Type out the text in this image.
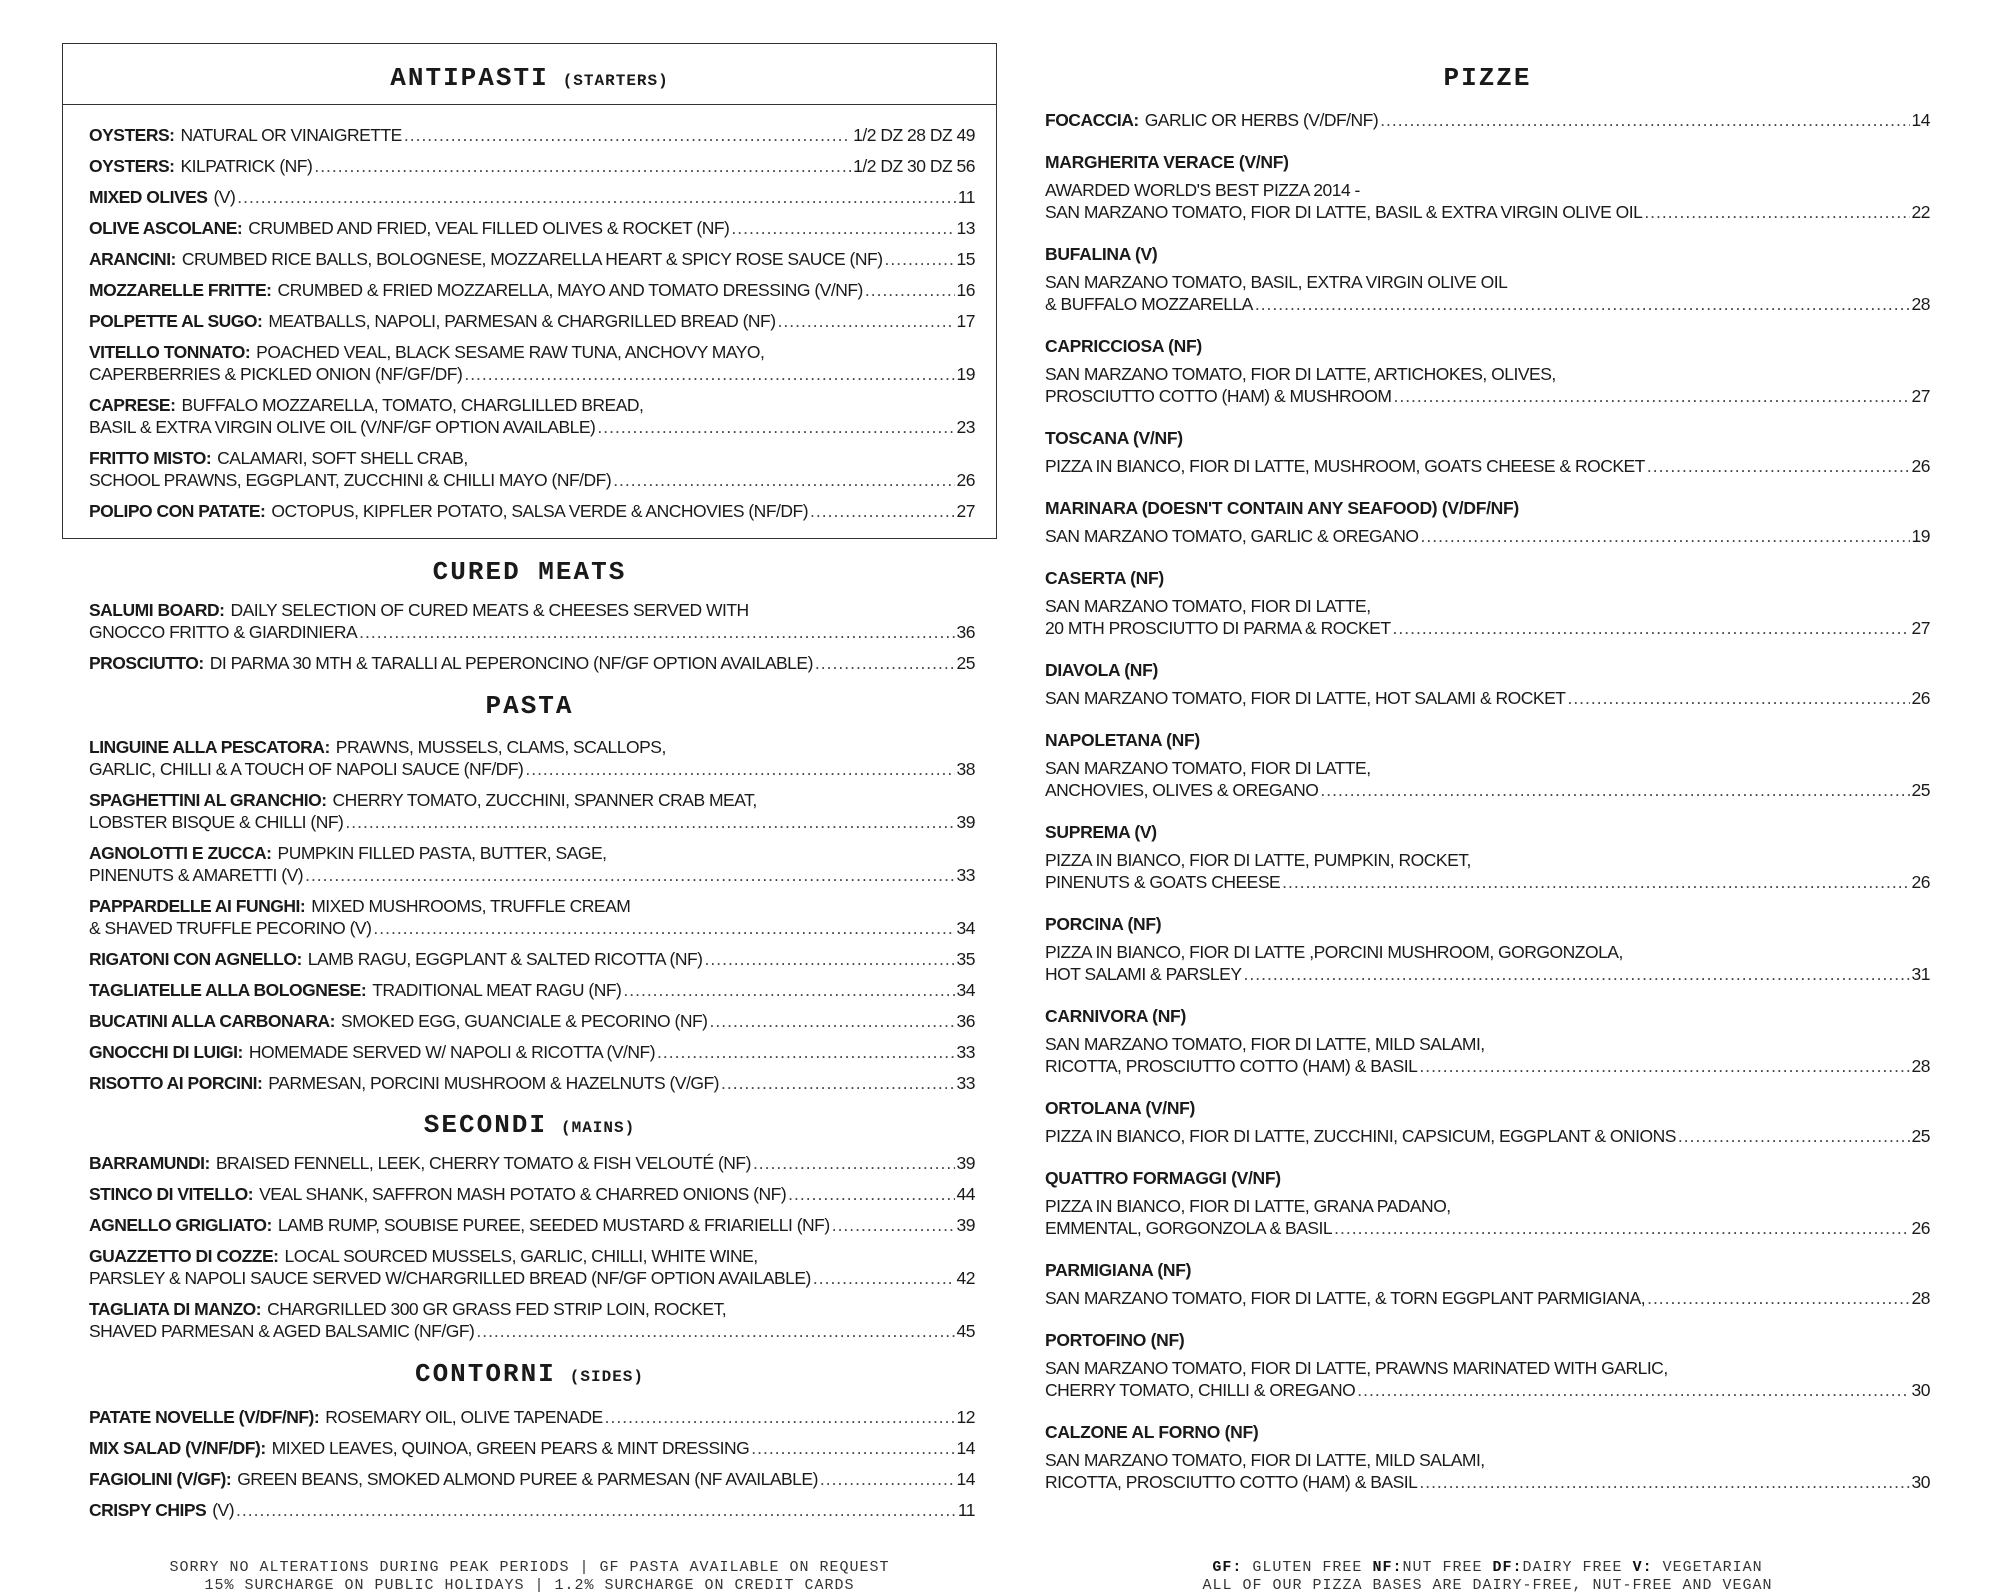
ANTIPASTI (STARTERS)
OYSTERS: NATURAL OR VINAIGRETTE .....	1/2 DZ 28 DZ 49
OYSTERS: KILPATRICK (NF) .....	1/2 DZ 30 DZ 56
MIXED OLIVES (V) .....	11
OLIVE ASCOLANE: CRUMBED AND FRIED, VEAL FILLED OLIVES & ROCKET (NF) .....	13
ARANCINI: CRUMBED RICE BALLS, BOLOGNESE, MOZZARELLA HEART & SPICY ROSE SAUCE (NF) .....	15
MOZZARELLE FRITTE: CRUMBED & FRIED MOZZARELLA, MAYO AND TOMATO DRESSING (V/NF) .....	16
POLPETTE AL SUGO: MEATBALLS, NAPOLI, PARMESAN & CHARGRILLED BREAD (NF) .....	17
VITELLO TONNATO: POACHED VEAL, BLACK SESAME RAW TUNA, ANCHOVY MAYO,
CAPERBERRIES & PICKLED ONION (NF/GF/DF) .....	19
CAPRESE: BUFFALO MOZZARELLA, TOMATO, CHARGLILLED BREAD,
BASIL & EXTRA VIRGIN OLIVE OIL (V/NF/GF OPTION AVAILABLE) .....	23
FRITTO MISTO: CALAMARI, SOFT SHELL CRAB,
SCHOOL PRAWNS, EGGPLANT, ZUCCHINI & CHILLI MAYO (NF/DF) .....	26
POLIPO CON PATATE: OCTOPUS, KIPFLER POTATO, SALSA VERDE & ANCHOVIES (NF/DF) .....	27
CURED MEATS
SALUMI BOARD: DAILY SELECTION OF CURED MEATS & CHEESES SERVED WITH
GNOCCO FRITTO & GIARDINIERA .....	36
PROSCIUTTO: DI PARMA 30 MTH & TARALLI AL PEPERONCINO (NF/GF OPTION AVAILABLE) .....	25
PASTA
LINGUINE ALLA PESCATORA: PRAWNS, MUSSELS, CLAMS, SCALLOPS,
GARLIC, CHILLI & A TOUCH OF NAPOLI SAUCE (NF/DF) .....	38
SPAGHETTINI AL GRANCHIO: CHERRY TOMATO, ZUCCHINI, SPANNER CRAB MEAT,
LOBSTER BISQUE & CHILLI (NF) .....	39
AGNOLOTTI E ZUCCA: PUMPKIN FILLED PASTA, BUTTER, SAGE,
PINENUTS & AMARETTI (V) .....	33
PAPPARDELLE AI FUNGHI: MIXED MUSHROOMS, TRUFFLE CREAM
& SHAVED TRUFFLE PECORINO (V) .....	34
RIGATONI CON AGNELLO: LAMB RAGU, EGGPLANT & SALTED RICOTTA (NF) .....	35
TAGLIATELLE ALLA BOLOGNESE: TRADITIONAL MEAT RAGU (NF) .....	34
BUCATINI ALLA CARBONARA: SMOKED EGG, GUANCIALE & PECORINO (NF) .....	36
GNOCCHI DI LUIGI: HOMEMADE SERVED W/ NAPOLI & RICOTTA (V/NF) .....	33
RISOTTO AI PORCINI: PARMESAN, PORCINI MUSHROOM & HAZELNUTS (V/GF) .....	33
SECONDI (MAINS)
BARRAMUNDI: BRAISED FENNELL, LEEK, CHERRY TOMATO & FISH VELOUTÉ (NF) .....	39
STINCO DI VITELLO: VEAL SHANK, SAFFRON MASH POTATO & CHARRED ONIONS (NF) .....	44
AGNELLO GRIGLIATO: LAMB RUMP, SOUBISE PUREE, SEEDED MUSTARD & FRIARIELLI (NF) .....	39
GUAZZETTO DI COZZE: LOCAL SOURCED MUSSELS, GARLIC, CHILLI, WHITE WINE,
PARSLEY & NAPOLI SAUCE SERVED W/CHARGRILLED BREAD (NF/GF OPTION AVAILABLE) .....	42
TAGLIATA DI MANZO: CHARGRILLED 300 GR GRASS FED STRIP LOIN, ROCKET,
SHAVED PARMESAN & AGED BALSAMIC (NF/GF) .....	45
CONTORNI (SIDES)
PATATE NOVELLE (V/DF/NF): ROSEMARY OIL, OLIVE TAPENADE .....	12
MIX SALAD (V/NF/DF): MIXED LEAVES, QUINOA, GREEN PEARS & MINT DRESSING .....	14
FAGIOLINI (V/GF): GREEN BEANS, SMOKED ALMOND PUREE & PARMESAN (NF AVAILABLE) .....	14
CRISPY CHIPS (V) .....	11
PIZZE
FOCACCIA: GARLIC OR HERBS (V/DF/NF) .....	14
MARGHERITA VERACE (V/NF)
AWARDED WORLD'S BEST PIZZA 2014 -
SAN MARZANO TOMATO, FIOR DI LATTE, BASIL & EXTRA VIRGIN OLIVE OIL .....	22
BUFALINA (V)
SAN MARZANO TOMATO, BASIL, EXTRA VIRGIN OLIVE OIL
& BUFFALO MOZZARELLA .....	28
CAPRICCIOSA (NF)
SAN MARZANO TOMATO, FIOR DI LATTE, ARTICHOKES, OLIVES,
PROSCIUTTO COTTO (HAM) & MUSHROOM .....	27
TOSCANA (V/NF)
PIZZA IN BIANCO, FIOR DI LATTE, MUSHROOM, GOATS CHEESE & ROCKET .....	26
MARINARA (DOESN'T CONTAIN ANY SEAFOOD) (V/DF/NF)
SAN MARZANO TOMATO, GARLIC & OREGANO .....	19
CASERTA (NF)
SAN MARZANO TOMATO, FIOR DI LATTE,
20 MTH PROSCIUTTO DI PARMA & ROCKET .....	27
DIAVOLA (NF)
SAN MARZANO TOMATO, FIOR DI LATTE, HOT SALAMI & ROCKET .....	26
NAPOLETANA (NF)
SAN MARZANO TOMATO, FIOR DI LATTE,
ANCHOVIES, OLIVES & OREGANO .....	25
SUPREMA (V)
PIZZA IN BIANCO, FIOR DI LATTE, PUMPKIN, ROCKET,
PINENUTS & GOATS CHEESE .....	26
PORCINA (NF)
PIZZA IN BIANCO, FIOR DI LATTE ,PORCINI MUSHROOM, GORGONZOLA,
HOT SALAMI & PARSLEY .....	31
CARNIVORA (NF)
SAN MARZANO TOMATO, FIOR DI LATTE, MILD SALAMI,
RICOTTA, PROSCIUTTO COTTO (HAM) & BASIL .....	28
ORTOLANA (V/NF)
PIZZA IN BIANCO, FIOR DI LATTE, ZUCCHINI, CAPSICUM, EGGPLANT & ONIONS .....	25
QUATTRO FORMAGGI (V/NF)
PIZZA IN BIANCO, FIOR DI LATTE, GRANA PADANO,
EMMENTAL, GORGONZOLA & BASIL .....	26
PARMIGIANA (NF)
SAN MARZANO TOMATO, FIOR DI LATTE, & TORN EGGPLANT PARMIGIANA, .....	28
PORTOFINO (NF)
SAN MARZANO TOMATO, FIOR DI LATTE, PRAWNS MARINATED WITH GARLIC,
CHERRY TOMATO, CHILLI & OREGANO .....	30
CALZONE AL FORNO (NF)
SAN MARZANO TOMATO, FIOR DI LATTE, MILD SALAMI,
RICOTTA, PROSCIUTTO COTTO (HAM) & BASIL .....	30
SORRY NO ALTERATIONS DURING PEAK PERIODS | GF PASTA AVAILABLE ON REQUEST
15% SURCHARGE ON PUBLIC HOLIDAYS | 1.2% SURCHARGE ON CREDIT CARDS
GF: GLUTEN FREE NF:NUT FREE DF:DAIRY FREE V: VEGETARIAN
ALL OF OUR PIZZA BASES ARE DAIRY-FREE, NUT-FREE AND VEGAN
